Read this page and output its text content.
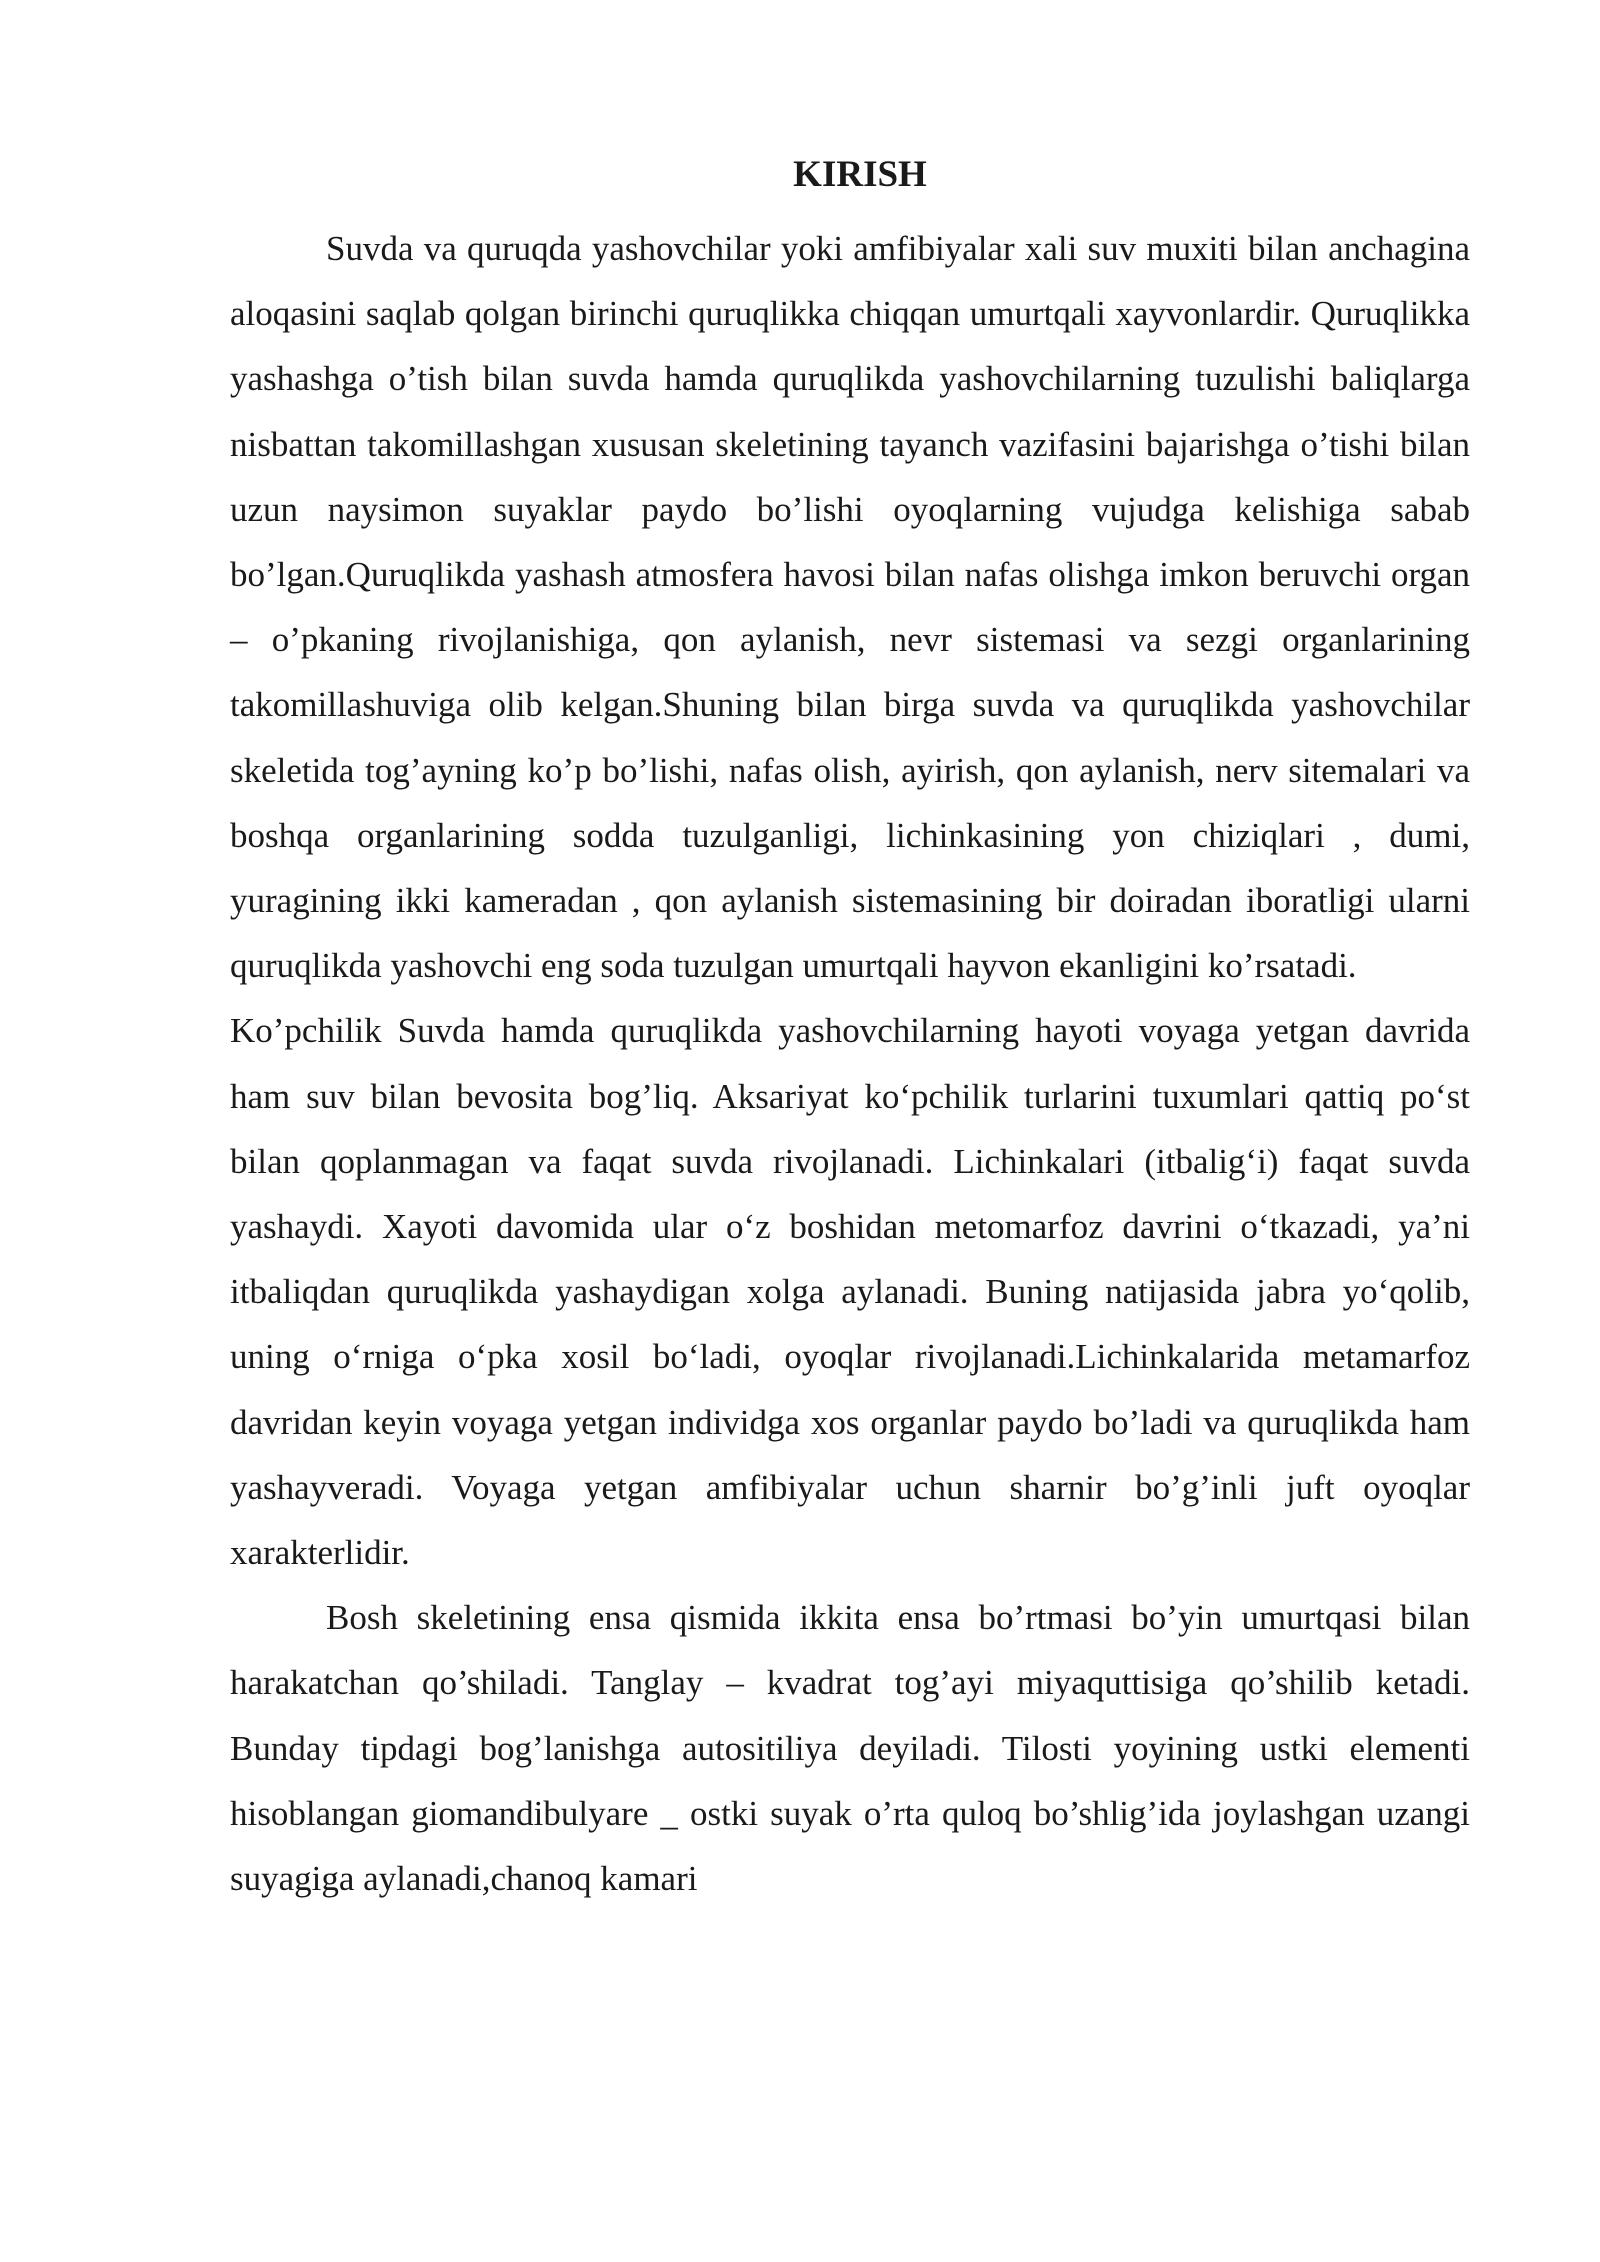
KIRISH

Suvda va quruqda yashovchilar yoki amfibiyalar xali suv muxiti bilan anchagina aloqasini saqlab qolgan birinchi quruqlikka chiqqan umurtqali xayvonlardir. Quruqlikka yashashga o’tish bilan suvda hamda quruqlikda yashovchilarning tuzulishi baliqlarga nisbattan takomillashgan xususan skeletining tayanch vazifasini bajarishga o’tishi bilan uzun naysimon suyaklar paydo bo’lishi oyoqlarning vujudga kelishiga sabab bo’lgan.Quruqlikda yashash atmosfera havosi bilan nafas olishga imkon beruvchi organ – o’pkaning rivojlanishiga, qon aylanish, nevr sistemasi va sezgi organlarining takomillashuviga olib kelgan.Shuning bilan birga suvda va quruqlikda yashovchilar skeletida tog’ayning ko’p bo’lishi, nafas olish, ayirish, qon aylanish, nerv sitemalari va boshqa organlarining sodda tuzulganligi, lichinkasining yon chiziqlari , dumi, yuragining ikki kameradan , qon aylanish sistemasining bir doiradan iboratligi ularni quruqlikda yashovchi eng soda tuzulgan umurtqali hayvon ekanligini ko’rsatadi.

Ko’pchilik Suvda hamda quruqlikda yashovchilarning hayoti voyaga yetgan davrida ham suv bilan bevosita bog’liq. Aksariyat ko‘pchilik turlarini tuxumlari qattiq po‘st bilan qoplanmagan va faqat suvda rivojlanadi. Lichinkalari (itbalig‘i) faqat suvda yashaydi. Xayoti davomida ular o‘z boshidan metomarfoz davrini o‘tkazadi, ya’ni itbaliqdan quruqlikda yashaydigan xolga aylanadi. Buning natijasida jabra yo‘qolib, uning o‘rniga o‘pka xosil bo‘ladi, oyoqlar rivojlanadi.Lichinkalarida metamarfoz davridan keyin voyaga yetgan individga xos organlar paydo bo’ladi va quruqlikda ham yashayveradi. Voyaga yetgan amfibiyalar uchun sharnir bo’g’inli juft oyoqlar xarakterlidir.

Bosh skeletining ensa qismida ikkita ensa bo’rtmasi bo’yin umurtqasi bilan harakatchan qo’shiladi. Tanglay – kvadrat tog’ayi miyaquttisiga qo’shilib ketadi. Bunday tipdagi bog’lanishga autositiliya deyiladi. Tilosti yoyining ustki elementi hisoblangan giomandibulyare _ ostki suyak o’rta quloq bo’shlig’ida joylashgan uzangi suyagiga aylanadi,chanoq kamari
